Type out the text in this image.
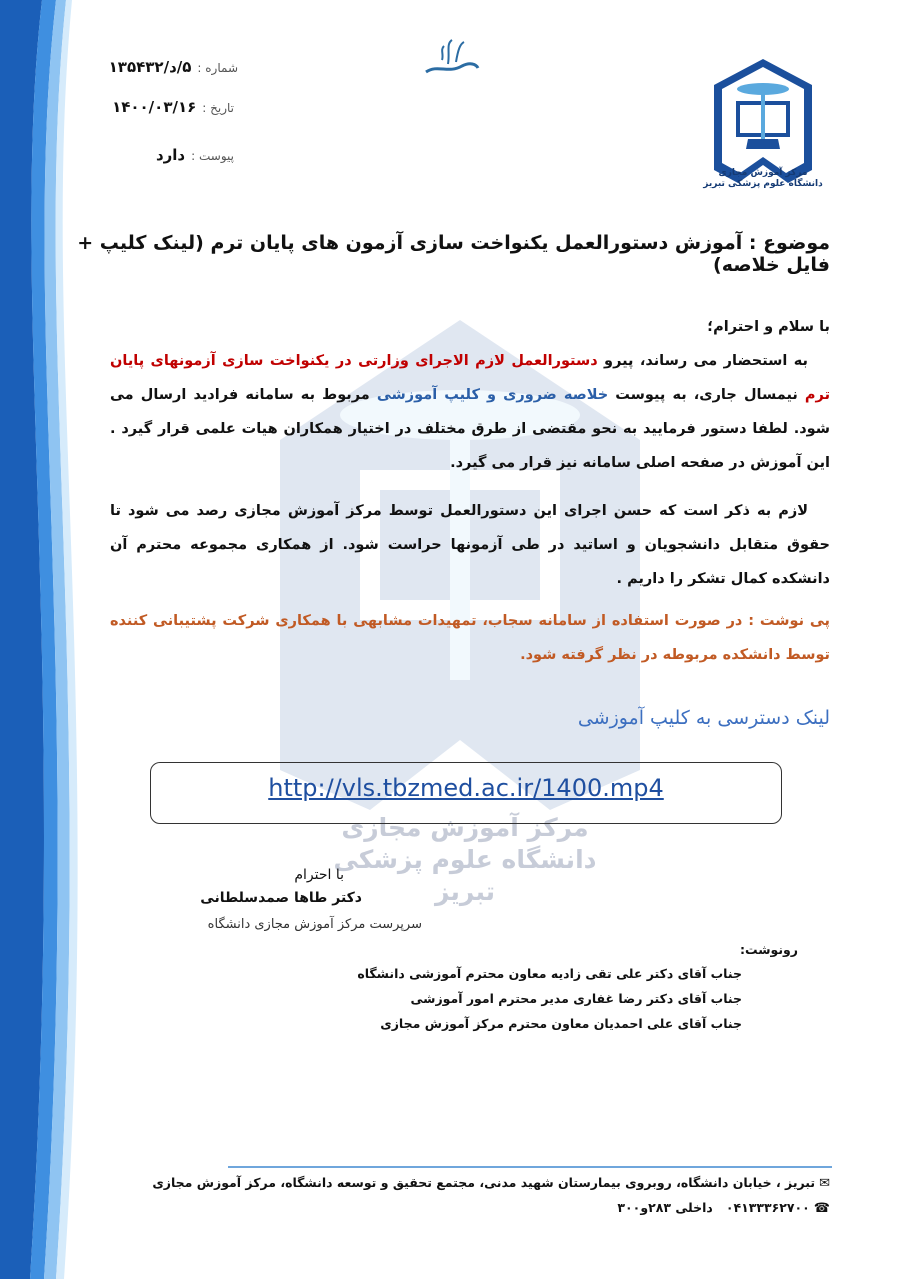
مرکز آموزش مجازی
دانشگاه علوم پزشکی تبریز
شماره :۵/د/۱۳۵۴۳۲
تاریخ :۱۴۰۰/۰۳/۱۶
پیوست :دارد
مرکز آموزش مجازی
دانشگاه علوم پزشکی تبریز
موضوع : آموزش دستورالعمل یکنواخت سازی آزمون های پایان ترم (لینک کلیپ + فایل خلاصه)
با سلام و احترام؛
به استحضار می رساند، پیرو دستورالعمل لازم الاجرای وزارتی در یکنواخت سازی آزمونهای پایان ترم نیمسال جاری، به پیوست خلاصه ضروری و کلیپ آموزشی مربوط به سامانه فرادید ارسال می شود. لطفا دستور فرمایید به نحو مقتضی از طرق مختلف در اختیار همکاران هیات علمی قرار گیرد . این آموزش در صفحه اصلی سامانه نیز قرار می گیرد.
لازم به ذکر است که حسن اجرای این دستورالعمل توسط مرکز آموزش مجازی رصد می شود تا حقوق متقابل دانشجویان و اساتید در طی آزمونها حراست شود. از همکاری مجموعه محترم آن دانشکده کمال تشکر را داریم .
پی نوشت : در صورت استفاده از سامانه سجاب، تمهیدات مشابهی با همکاری شرکت پشتیبانی کننده توسط دانشکده مربوطه در نظر گرفته شود.
لینک دسترسی به کلیپ آموزشی
http://vls.tbzmed.ac.ir/1400.mp4
با احترام
دکتر طاها صمدسلطانی
سرپرست مرکز آموزش مجازی دانشگاه
رونوشت:
جناب آقای دکتر علی تقی زادیه معاون محترم آموزشی دانشگاه
جناب آقای دکتر رضا غفاری مدیر محترم امور آموزشی
جناب آقای علی احمدیان معاون محترم مرکز آموزش مجازی
✉تبریز ، خیابان دانشگاه، روبروی بیمارستان شهید مدنی، مجتمع تحقیق و توسعه دانشگاه، مرکز آموزش مجازی
☎۰۴۱۳۳۳۶۲۷۰۰   داخلی ۲۸۳و۳۰۰
